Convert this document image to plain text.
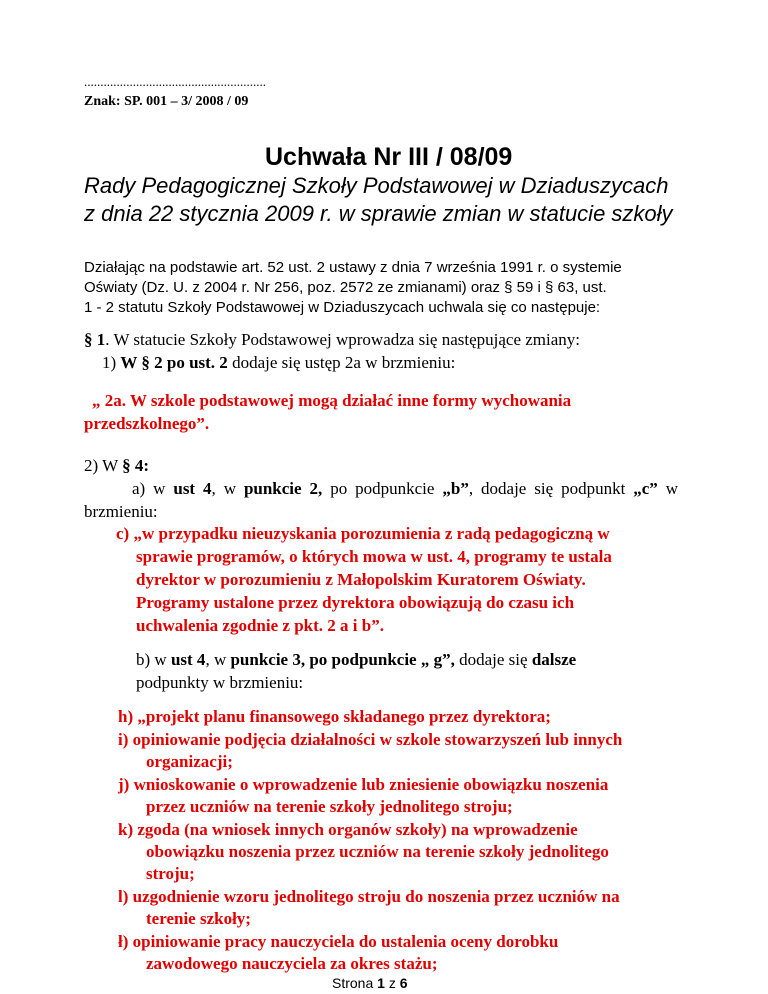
........................................................
Znak: SP. 001 – 3/ 2008 / 09
Uchwała Nr III / 08/09
Rady Pedagogicznej Szkoły Podstawowej w Dziaduszycach
z dnia 22 stycznia 2009 r. w sprawie zmian w statucie szkoły
Działając na podstawie art. 52 ust. 2 ustawy z dnia 7 września 1991 r. o systemie
Oświaty (Dz. U. z 2004 r. Nr 256, poz. 2572 ze zmianami) oraz § 59 i § 63, ust.
1 - 2 statutu Szkoły Podstawowej w Dziaduszycach uchwala się co następuje:
§ 1. W statucie Szkoły Podstawowej wprowadza się następujące zmiany:
1) W § 2 po ust. 2 dodaje się ustęp 2a w brzmieniu:
„ 2a. W szkole podstawowej mogą działać inne formy wychowania
przedszkolnego”.
2) W § 4:
a) w ust 4, w punkcie 2, po podpunkcie „b”, dodaje się podpunkt „c” w
brzmieniu:
c) „w przypadku nieuzyskania porozumienia z radą pedagogiczną w
sprawie programów, o których mowa w ust. 4, programy te ustala
dyrektor w porozumieniu z Małopolskim Kuratorem Oświaty.
Programy ustalone przez dyrektora obowiązują do czasu ich
uchwalenia zgodnie z pkt. 2 a i b”.
b) w ust 4, w punkcie 3, po podpunkcie „ g”, dodaje się dalsze
podpunkty w brzmieniu:
h) „projekt planu finansowego składanego przez dyrektora;
i) opiniowanie podjęcia działalności w szkole stowarzyszeń lub innych
organizacji;
j) wnioskowanie o wprowadzenie lub zniesienie obowiązku noszenia
przez uczniów na terenie szkoły jednolitego stroju;
k) zgoda (na wniosek innych organów szkoły) na wprowadzenie
obowiązku noszenia przez uczniów na terenie szkoły jednolitego
stroju;
l) uzgodnienie wzoru jednolitego stroju do noszenia przez uczniów na
terenie szkoły;
ł) opiniowanie pracy nauczyciela do ustalenia oceny dorobku
Strona 1 z 6
zawodowego nauczyciela za okres stażu;
